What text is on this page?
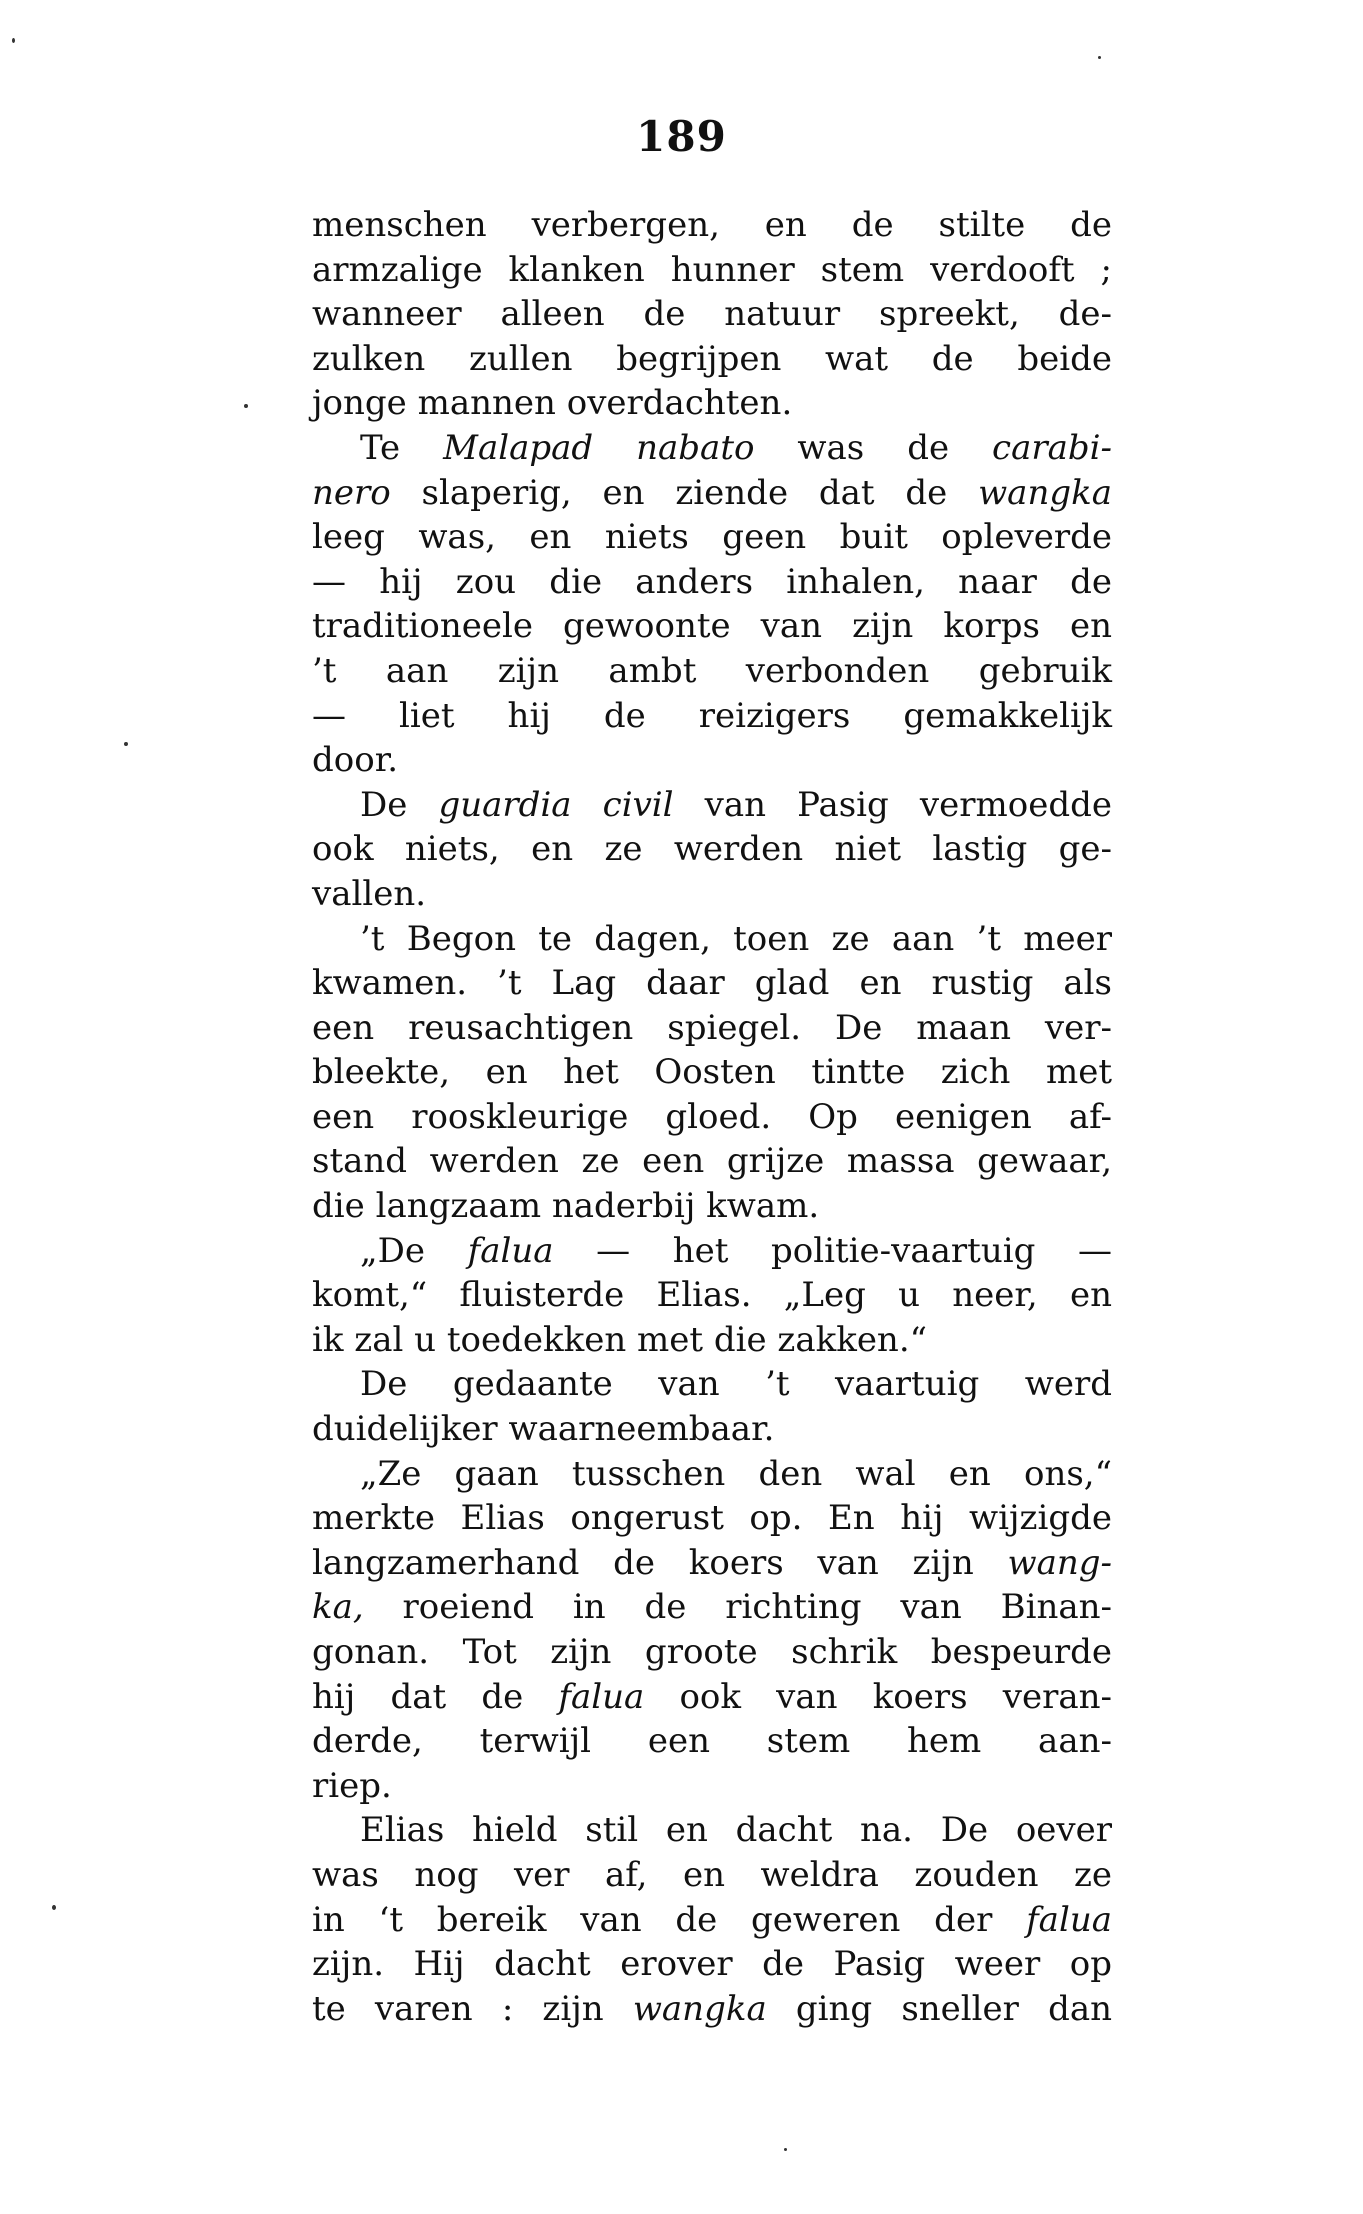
189
menschen verbergen, en de stilte de
armzalige klanken hunner stem verdooft ;
wanneer alleen de natuur spreekt, de-
zulken zullen begrijpen wat de beide
jonge mannen overdachten.
Te Malapad nabato was de carabi-
nero slaperig, en ziende dat de wangka
leeg was, en niets geen buit opleverde
— hij zou die anders inhalen, naar de
traditioneele gewoonte van zijn korps en
’t aan zijn ambt verbonden gebruik
— liet hij de reizigers gemakkelijk
door.
De guardia civil van Pasig vermoedde
ook niets, en ze werden niet lastig ge-
vallen.
’t Begon te dagen, toen ze aan ’t meer
kwamen. ’t Lag daar glad en rustig als
een reusachtigen spiegel. De maan ver-
bleekte, en het Oosten tintte zich met
een rooskleurige gloed. Op eenigen af-
stand werden ze een grijze massa gewaar,
die langzaam naderbij kwam.
„De falua — het politie-vaartuig —
komt,“ fluisterde Elias. „Leg u neer, en
ik zal u toedekken met die zakken.“
De gedaante van ’t vaartuig werd
duidelijker waarneembaar.
„Ze gaan tusschen den wal en ons,“
merkte Elias ongerust op. En hij wijzigde
langzamerhand de koers van zijn wang-
ka, roeiend in de richting van Binan-
gonan. Tot zijn groote schrik bespeurde
hij dat de falua ook van koers veran-
derde, terwijl een stem hem aan-
riep.
Elias hield stil en dacht na. De oever
was nog ver af, en weldra zouden ze
in ‘t bereik van de geweren der falua
zijn. Hij dacht erover de Pasig weer op
te varen : zijn wangka ging sneller dan
